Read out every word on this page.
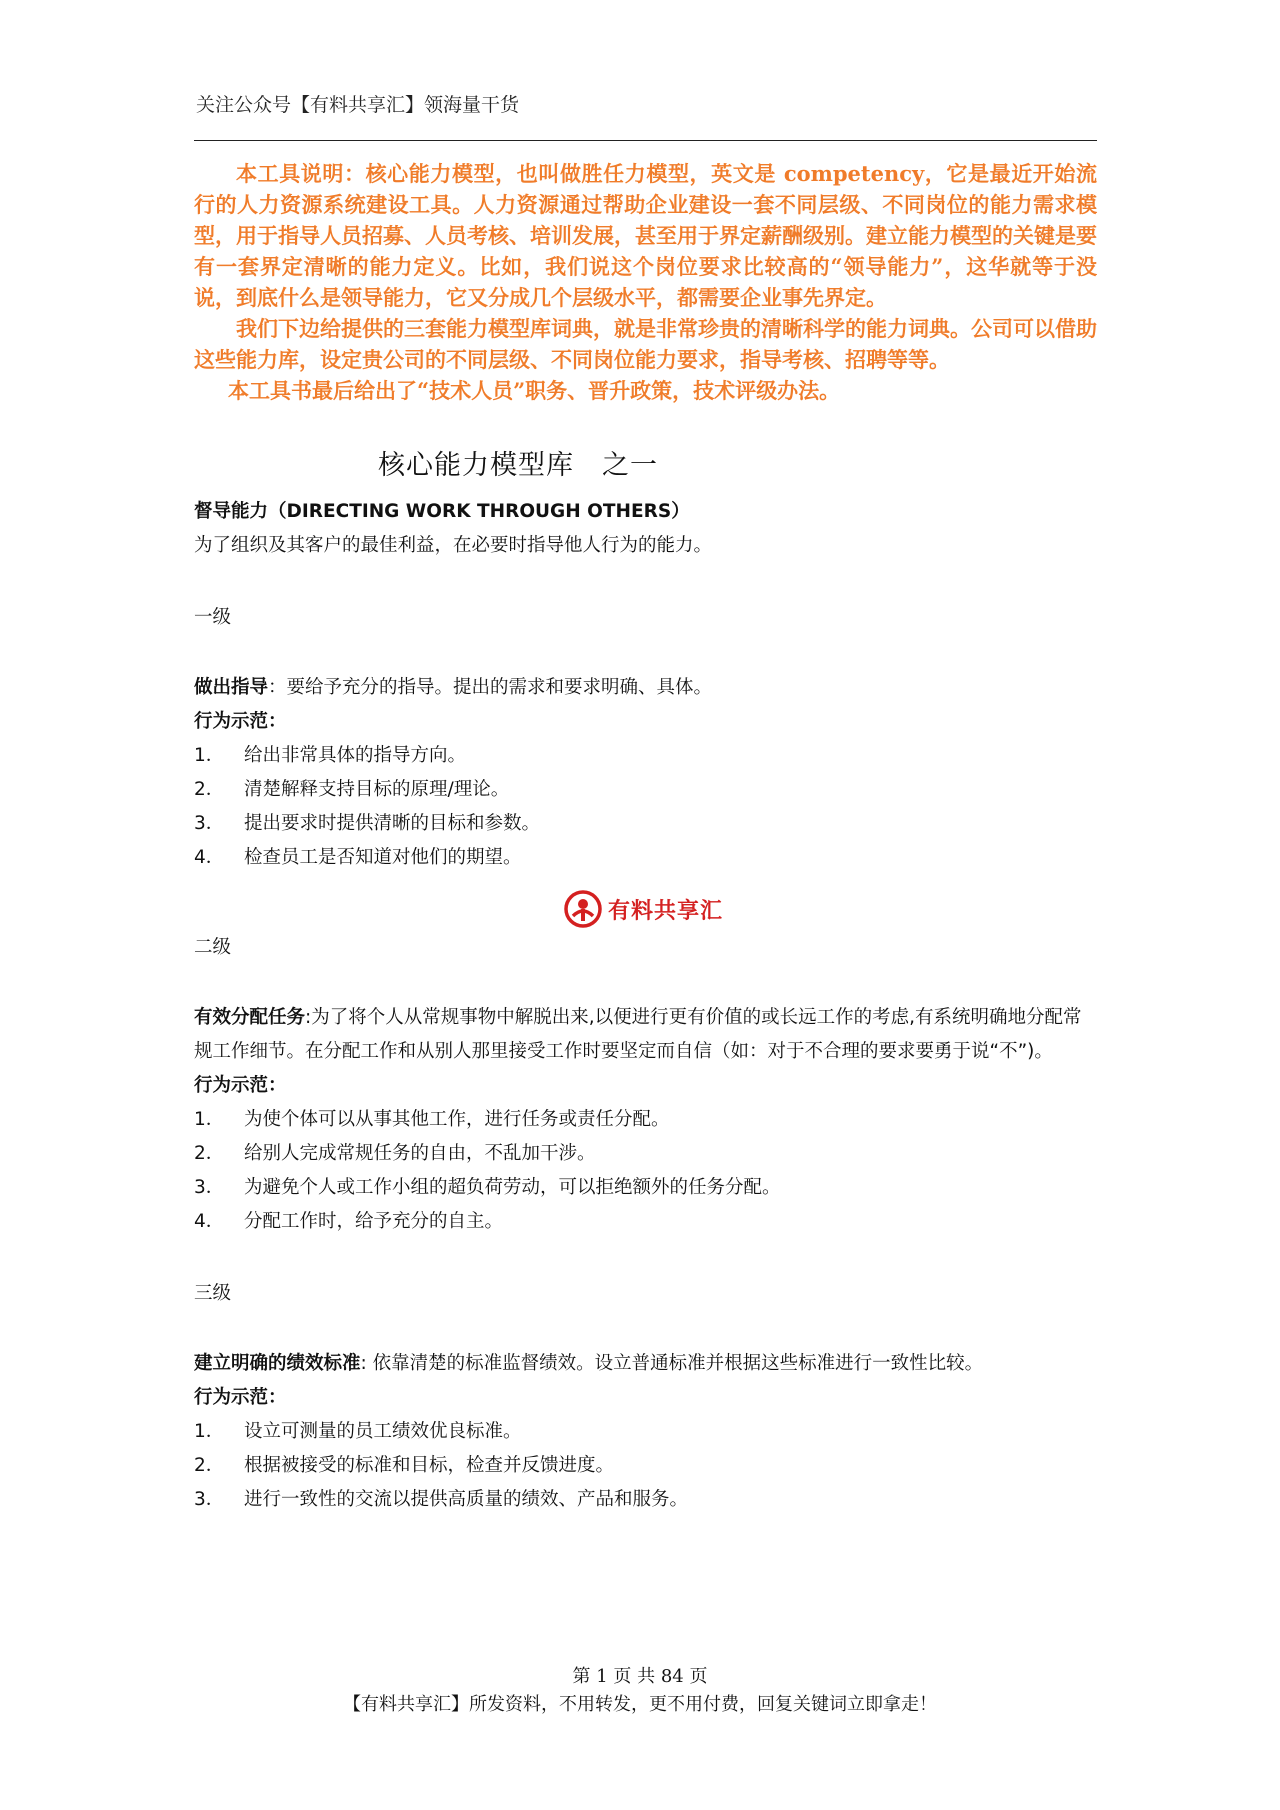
关注公众号【有料共享汇】领海量干货

本工具说明：核心能力模型，也叫做胜任力模型，英文是 competency，它是最近开始流行的人力资源系统建设工具。人力资源通过帮助企业建设一套不同层级、不同岗位的能力需求模型，用于指导人员招募、人员考核、培训发展，甚至用于界定薪酬级别。建立能力模型的关键是要有一套界定清晰的能力定义。比如，我们说这个岗位要求比较高的“领导能力”，这华就等于没说，到底什么是领导能力，它又分成几个层级水平，都需要企业事先界定。

我们下边给提供的三套能力模型库词典，就是非常珍贵的清晰科学的能力词典。公司可以借助这些能力库，设定贵公司的不同层级、不同岗位能力要求，指导考核、招聘等等。

本工具书最后给出了“技术人员”职务、晋升政策，技术评级办法。

核心能力模型库 之一

督导能力（DIRECTING WORK THROUGH OTHERS）

为了组织及其客户的最佳利益，在必要时指导他人行为的能力。

一级

做出指导：要给予充分的指导。提出的需求和要求明确、具体。

行为示范：

1．	给出非常具体的指导方向。
2．	清楚解释支持目标的原理/理论。
3．	提出要求时提供清晰的目标和参数。
4．	检查员工是否知道对他们的期望。

二级

有效分配任务:为了将个人从常规事物中解脱出来,以便进行更有价值的或长远工作的考虑,有系统明确地分配常规工作细节。在分配工作和从别人那里接受工作时要坚定而自信（如：对于不合理的要求要勇于说“不”)。

行为示范：

1．	为使个体可以从事其他工作，进行任务或责任分配。
2．	给别人完成常规任务的自由，不乱加干涉。
3．	为避免个人或工作小组的超负荷劳动，可以拒绝额外的任务分配。
4．	分配工作时，给予充分的自主。

三级

建立明确的绩效标准: 依靠清楚的标准监督绩效。设立普通标准并根据这些标准进行一致性比较。

行为示范：

1．	设立可测量的员工绩效优良标准。
2．	根据被接受的标准和目标，检查并反馈进度。
3．	进行一致性的交流以提供高质量的绩效、产品和服务。
有料共享汇
第 1 页 共 84 页
【有料共享汇】所发资料，不用转发，更不用付费，回复关键词立即拿走！
